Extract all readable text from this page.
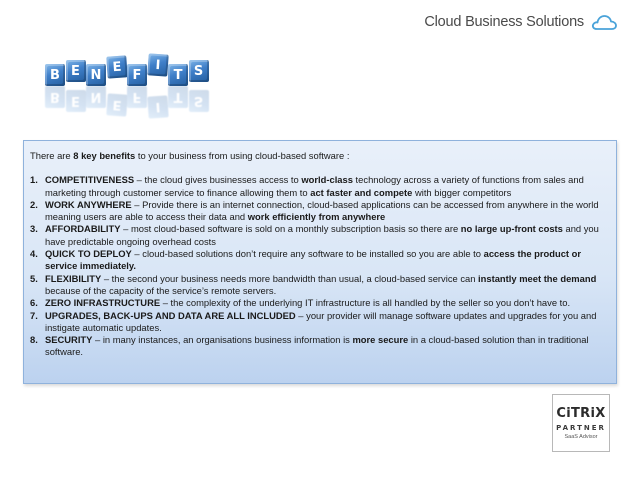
Cloud Business Solutions
B E N
E
F
I
T S
B E N
E
F
I
T S

There are 8 key benefits to your business from using cloud-based software :

1. COMPETITIVENESS – the cloud gives businesses access to world-class technology across a variety of functions from sales and marketing through customer service to finance allowing them to act faster and compete with bigger competitors
2. WORK ANYWHERE – Provide there is an internet connection, cloud-based applications can be accessed from anywhere in the world meaning users are able to access their data and work efficiently from anywhere
3. AFFORDABILITY – most cloud-based software is sold on a monthly subscription basis so there are no large up-front costs and you have predictable ongoing overhead costs
4. QUICK TO DEPLOY – cloud-based solutions don’t require any software to be installed so you are able to access the product or service immediately.
5. FLEXIBILITY – the second your business needs more bandwidth than usual, a cloud-based service can instantly meet the demand because of the capacity of the service’s remote servers.
6. ZERO INFRASTRUCTURE – the complexity of the underlying IT infrastructure is all handled by the seller so you don’t have to.
7. UPGRADES, BACK-UPS AND DATA ARE ALL INCLUDED – your provider will manage software updates and upgrades for you and instigate automatic updates.
8. SECURITY – in many instances, an organisations business information is more secure in a cloud-based solution than in traditional software.
CiTRiX
PARTNER
SaaS Advisor
